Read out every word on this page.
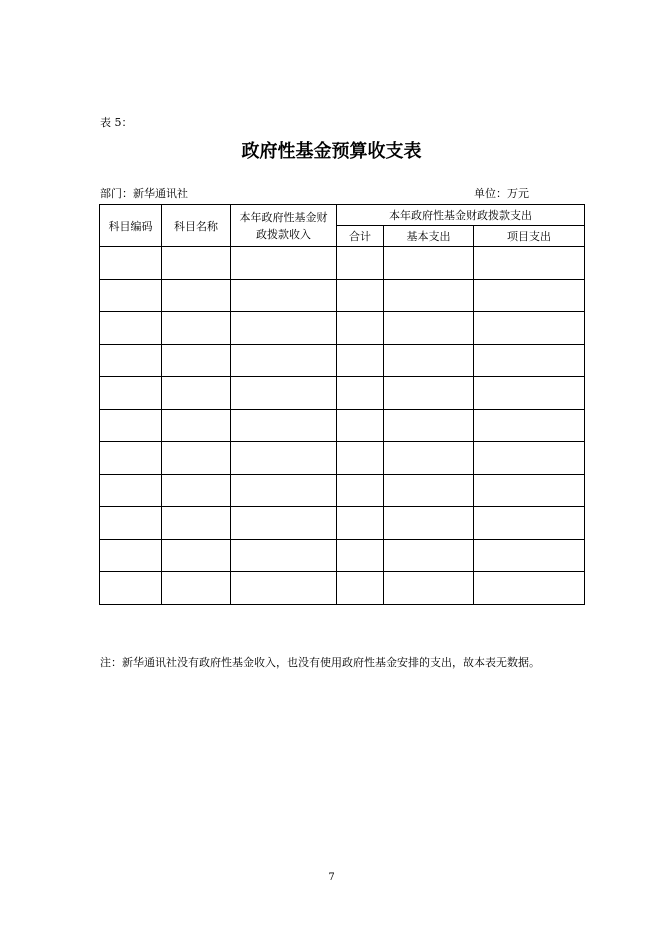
表 5：
政府性基金预算收支表
部门：新华通讯社	单位：万元
科目编码	科目名称	本年政府性基金财政拨款收入	本年政府性基金财政拨款支出		
			合计	基本支出	项目支出

注：新华通讯社没有政府性基金收入，也没有使用政府性基金安排的支出，故本表无数据。
7
